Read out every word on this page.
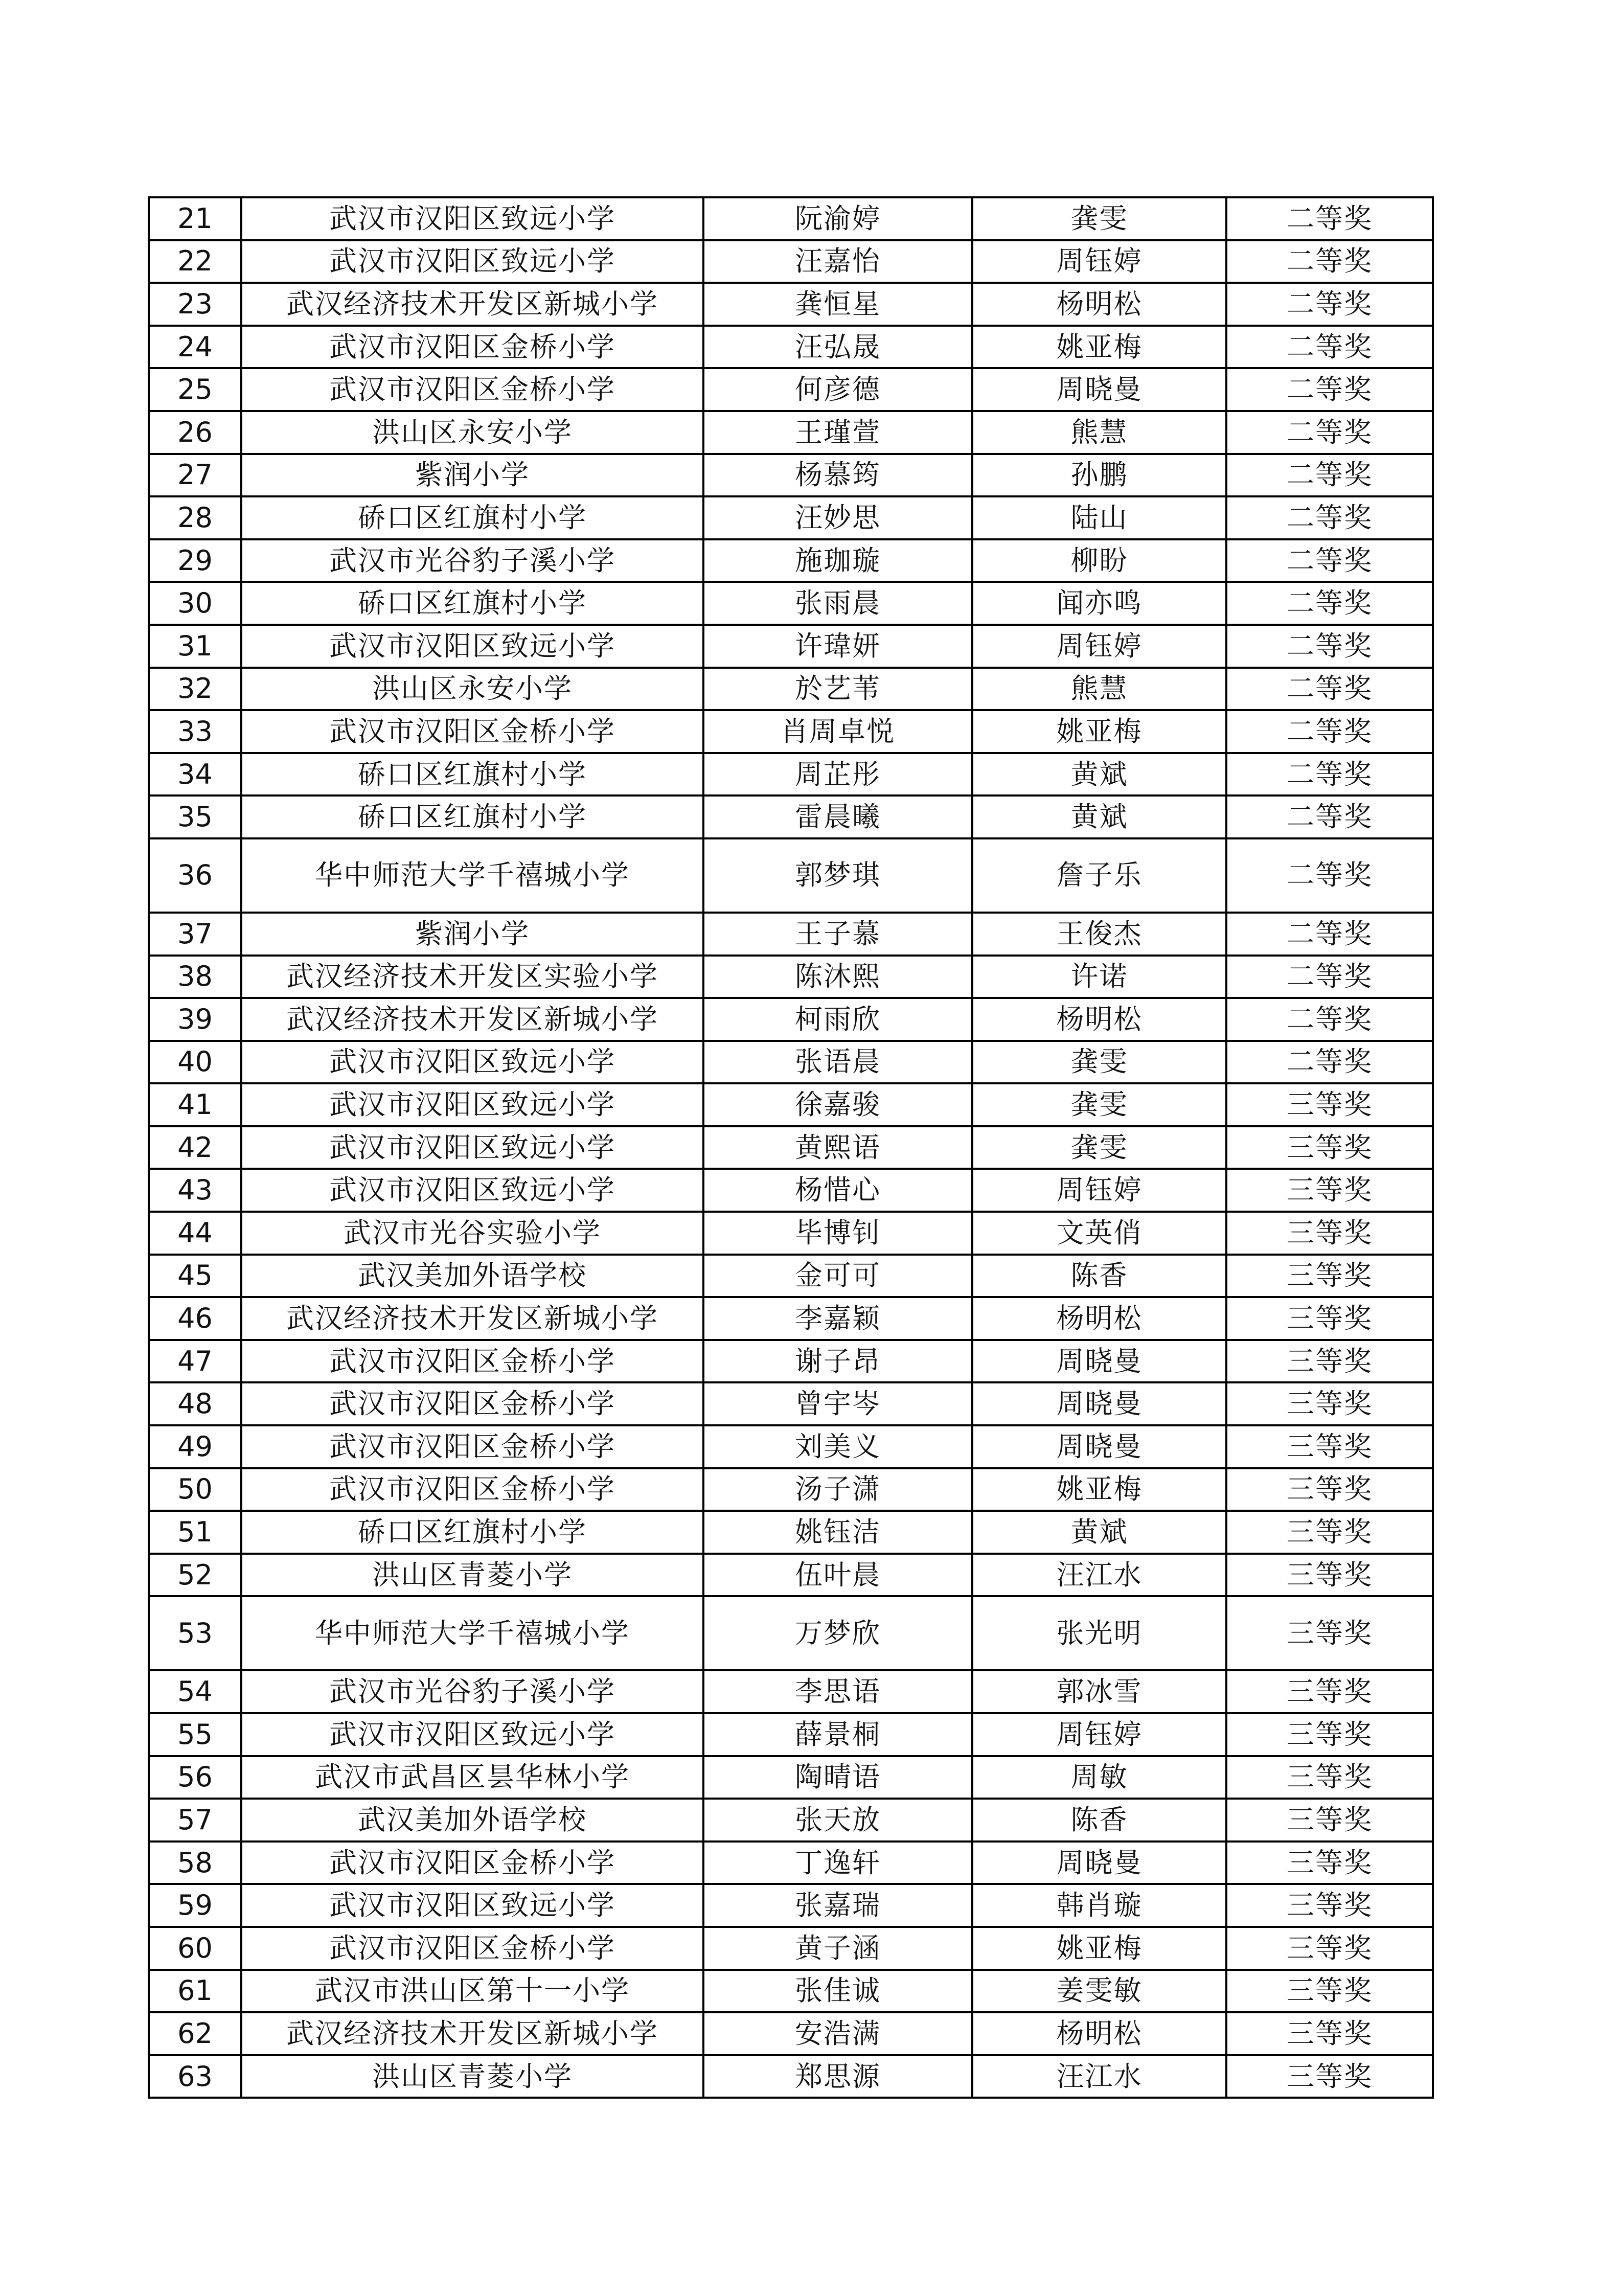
21	武汉市汉阳区致远小学	阮渝婷	龚雯	二等奖
22	武汉市汉阳区致远小学	汪嘉怡	周钰婷	二等奖
23	武汉经济技术开发区新城小学	龚恒星	杨明松	二等奖
24	武汉市汉阳区金桥小学	汪弘晟	姚亚梅	二等奖
25	武汉市汉阳区金桥小学	何彦德	周晓曼	二等奖
26	洪山区永安小学	王瑾萱	熊慧	二等奖
27	紫润小学	杨慕筠	孙鹏	二等奖
28	硚口区红旗村小学	汪妙思	陆山	二等奖
29	武汉市光谷豹子溪小学	施珈璇	柳盼	二等奖
30	硚口区红旗村小学	张雨晨	闻亦鸣	二等奖
31	武汉市汉阳区致远小学	许瑋妍	周钰婷	二等奖
32	洪山区永安小学	於艺苇	熊慧	二等奖
33	武汉市汉阳区金桥小学	肖周卓悦	姚亚梅	二等奖
34	硚口区红旗村小学	周芷彤	黄斌	二等奖
35	硚口区红旗村小学	雷晨曦	黄斌	二等奖
36	华中师范大学千禧城小学	郭梦琪	詹子乐	二等奖
37	紫润小学	王子慕	王俊杰	二等奖
38	武汉经济技术开发区实验小学	陈沐熙	许诺	二等奖
39	武汉经济技术开发区新城小学	柯雨欣	杨明松	二等奖
40	武汉市汉阳区致远小学	张语晨	龚雯	二等奖
41	武汉市汉阳区致远小学	徐嘉骏	龚雯	三等奖
42	武汉市汉阳区致远小学	黄熙语	龚雯	三等奖
43	武汉市汉阳区致远小学	杨惜心	周钰婷	三等奖
44	武汉市光谷实验小学	毕博钊	文英俏	三等奖
45	武汉美加外语学校	金可可	陈香	三等奖
46	武汉经济技术开发区新城小学	李嘉颖	杨明松	三等奖
47	武汉市汉阳区金桥小学	谢子昂	周晓曼	三等奖
48	武汉市汉阳区金桥小学	曾宇岑	周晓曼	三等奖
49	武汉市汉阳区金桥小学	刘美义	周晓曼	三等奖
50	武汉市汉阳区金桥小学	汤子潇	姚亚梅	三等奖
51	硚口区红旗村小学	姚钰洁	黄斌	三等奖
52	洪山区青菱小学	伍叶晨	汪江水	三等奖
53	华中师范大学千禧城小学	万梦欣	张光明	三等奖
54	武汉市光谷豹子溪小学	李思语	郭冰雪	三等奖
55	武汉市汉阳区致远小学	薛景桐	周钰婷	三等奖
56	武汉市武昌区昙华林小学	陶晴语	周敏	三等奖
57	武汉美加外语学校	张天放	陈香	三等奖
58	武汉市汉阳区金桥小学	丁逸轩	周晓曼	三等奖
59	武汉市汉阳区致远小学	张嘉瑞	韩肖璇	三等奖
60	武汉市汉阳区金桥小学	黄子涵	姚亚梅	三等奖
61	武汉市洪山区第十一小学	张佳诚	姜雯敏	三等奖
62	武汉经济技术开发区新城小学	安浩满	杨明松	三等奖
63	洪山区青菱小学	郑思源	汪江水	三等奖
